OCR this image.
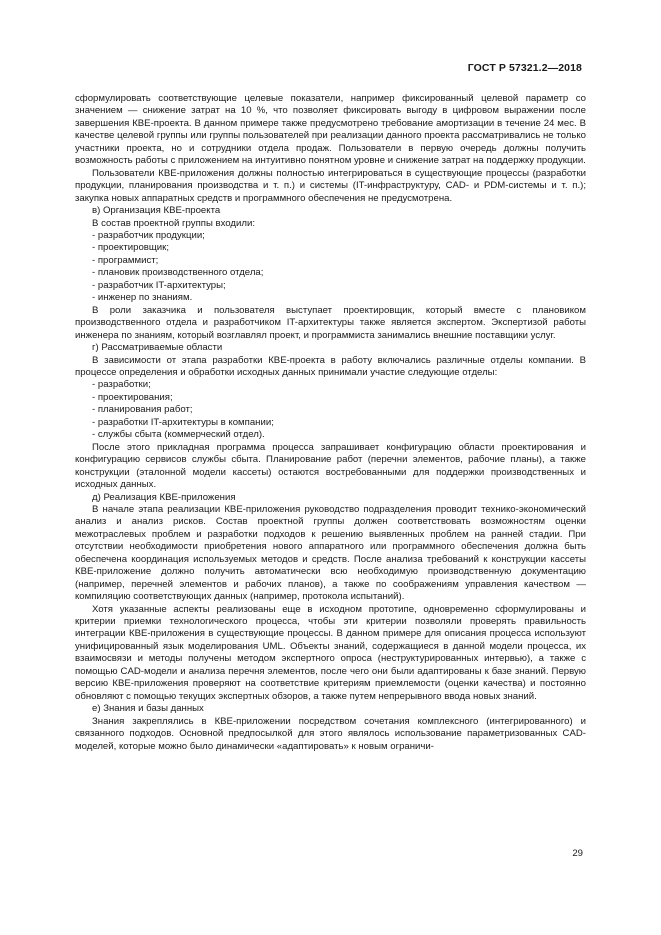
ГОСТ Р 57321.2—2018

сформулировать соответствующие целевые показатели, например фиксированный целевой параметр со значением — снижение затрат на 10 %, что позволяет фиксировать выгоду в цифровом выражении после завершения КВЕ-проекта. В данном примере также предусмотрено требование амортизации в течение 24 мес. В качестве целевой группы или группы пользователей при реализации данного проекта рассматривались не только участники проекта, но и сотрудники отдела продаж. Пользователи в первую очередь должны получить возможность работы с приложением на интуитивно понятном уровне и снижение затрат на поддержку продукции.

Пользователи КВЕ-приложения должны полностью интегрироваться в существующие процессы (разработки продукции, планирования производства и т. п.) и системы (IT-инфраструктуру, CAD- и PDM-системы и т. п.); закупка новых аппаратных средств и программного обеспечения не предусмотрена.

в) Организация КВЕ-проекта

В состав проектной группы входили:

- разработчик продукции;

- проектировщик;

- программист;

- плановик производственного отдела;

- разработчик IT-архитектуры;

- инженер по знаниям.

В роли заказчика и пользователя выступает проектировщик, который вместе с плановиком производственного отдела и разработчиком IT-архитектуры также является экспертом. Экспертизой работы инженера по знаниям, который возглавлял проект, и программиста занимались внешние поставщики услуг.

г) Рассматриваемые области

В зависимости от этапа разработки КВЕ-проекта в работу включались различные отделы компании. В процессе определения и обработки исходных данных принимали участие следующие отделы:

- разработки;

- проектирования;

- планирования работ;

- разработки IT-архитектуры в компании;

- службы сбыта (коммерческий отдел).

После этого прикладная программа процесса запрашивает конфигурацию области проектирования и конфигурацию сервисов службы сбыта. Планирование работ (перечни элементов, рабочие планы), а также конструкции (эталонной модели кассеты) остаются востребованными для поддержки производственных и исходных данных.

д) Реализация КВЕ-приложения

В начале этапа реализации КВЕ-приложения руководство подразделения проводит технико-экономический анализ и анализ рисков. Состав проектной группы должен соответствовать возможностям оценки межотраслевых проблем и разработки подходов к решению выявленных проблем на ранней стадии. При отсутствии необходимости приобретения нового аппаратного или программного обеспечения должна быть обеспечена координация используемых методов и средств. После анализа требований к конструкции кассеты КВЕ-приложение должно получить автоматически всю необходимую производственную документацию (например, перечней элементов и рабочих планов), а также по соображениям управления качеством — компиляцию соответствующих данных (например, протокола испытаний).

Хотя указанные аспекты реализованы еще в исходном прототипе, одновременно сформулированы и критерии приемки технологического процесса, чтобы эти критерии позволяли проверять правильность интеграции КВЕ-приложения в существующие процессы. В данном примере для описания процесса используют унифицированный язык моделирования UML. Объекты знаний, содержащиеся в данной модели процесса, их взаимосвязи и методы получены методом экспертного опроса (неструктурированных интервью), а также с помощью CAD-модели и анализа перечня элементов, после чего они были адаптированы к базе знаний. Первую версию КВЕ-приложения проверяют на соответствие критериям приемлемости (оценки качества) и постоянно обновляют с помощью текущих экспертных обзоров, а также путем непрерывного ввода новых знаний.

е) Знания и базы данных

Знания закреплялись в КВЕ-приложении посредством сочетания комплексного (интегрированного) и связанного подходов. Основной предпосылкой для этого являлось использование параметризованных CAD-моделей, которые можно было динамически «адаптировать» к новым ограничи-

29
